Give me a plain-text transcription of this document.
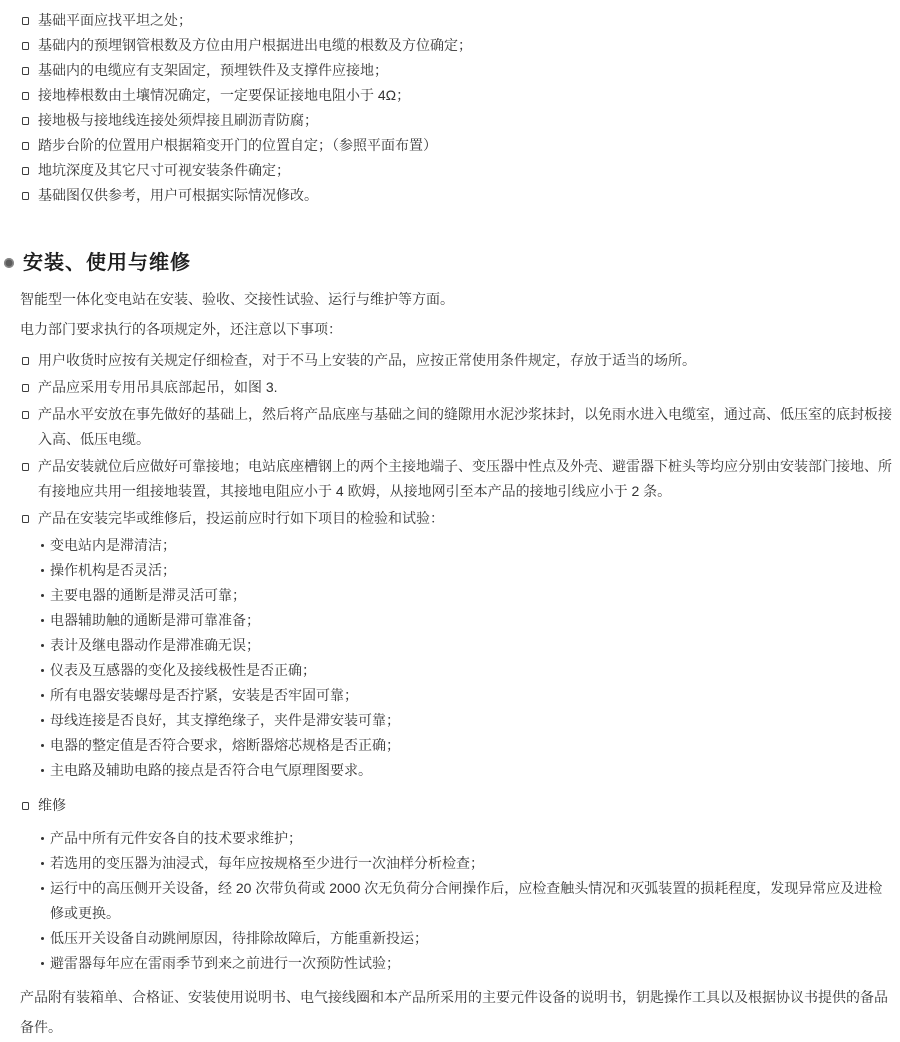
基础平面应找平坦之处；
基础内的预埋钢管根数及方位由用户根据进出电缆的根数及方位确定；
基础内的电缆应有支架固定，预埋铁件及支撑件应接地；
接地棒根数由土壤情况确定，一定要保证接地电阻小于 4Ω；
接地极与接地线连接处须焊接且刷沥青防腐；
踏步台阶的位置用户根据箱变开门的位置自定；（参照平面布置）
地坑深度及其它尺寸可视安装条件确定；
基础图仅供参考，用户可根据实际情况修改。
安装、使用与维修

智能型一体化变电站在安装、验收、交接性试验、运行与维护等方面。

电力部门要求执行的各项规定外，还注意以下事项：

用户收货时应按有关规定仔细检查，对于不马上安装的产品，应按正常使用条件规定，存放于适当的场所。
产品应采用专用吊具底部起吊，如图 3.
产品水平安放在事先做好的基础上，然后将产品底座与基础之间的缝隙用水泥沙浆抹封，以免雨水进入电缆室，通过高、低压室的底封板接入高、低压电缆。
产品安装就位后应做好可靠接地；电站底座槽钢上的两个主接地端子、变压器中性点及外壳、避雷器下桩头等均应分别由安装部门接地、所有接地应共用一组接地装置，其接地电阻应小于 4 欧姆，从接地网引至本产品的接地引线应小于 2 条。
产品在安装完毕或维修后，投运前应时行如下项目的检验和试验：
变电站内是滞清洁；
操作机构是否灵活；
主要电器的通断是滞灵活可靠；
电器辅助触的通断是滞可靠准备；
表计及继电器动作是滞准确无误；
仪表及互感器的变化及接线极性是否正确；
所有电器安装螺母是否拧紧，安装是否牢固可靠；
母线连接是否良好，其支撑绝缘子，夹件是滞安装可靠；
电器的整定值是否符合要求，熔断器熔芯规格是否正确；
主电路及辅助电路的接点是否符合电气原理图要求。
维修
产品中所有元件安各自的技术要求维护；
若选用的变压器为油浸式，每年应按规格至少进行一次油样分析检查；
运行中的高压侧开关设备，经 20 次带负荷或 2000 次无负荷分合闸操作后，应检查触头情况和灭弧装置的损耗程度，发现异常应及进检修或更换。
低压开关设备自动跳闸原因，待排除故障后，方能重新投运；
避雷器每年应在雷雨季节到来之前进行一次预防性试验；

产品附有装箱单、合格证、安装使用说明书、电气接线圈和本产品所采用的主要元件设备的说明书，钥匙操作工具以及根据协议书提供的备品备件。
